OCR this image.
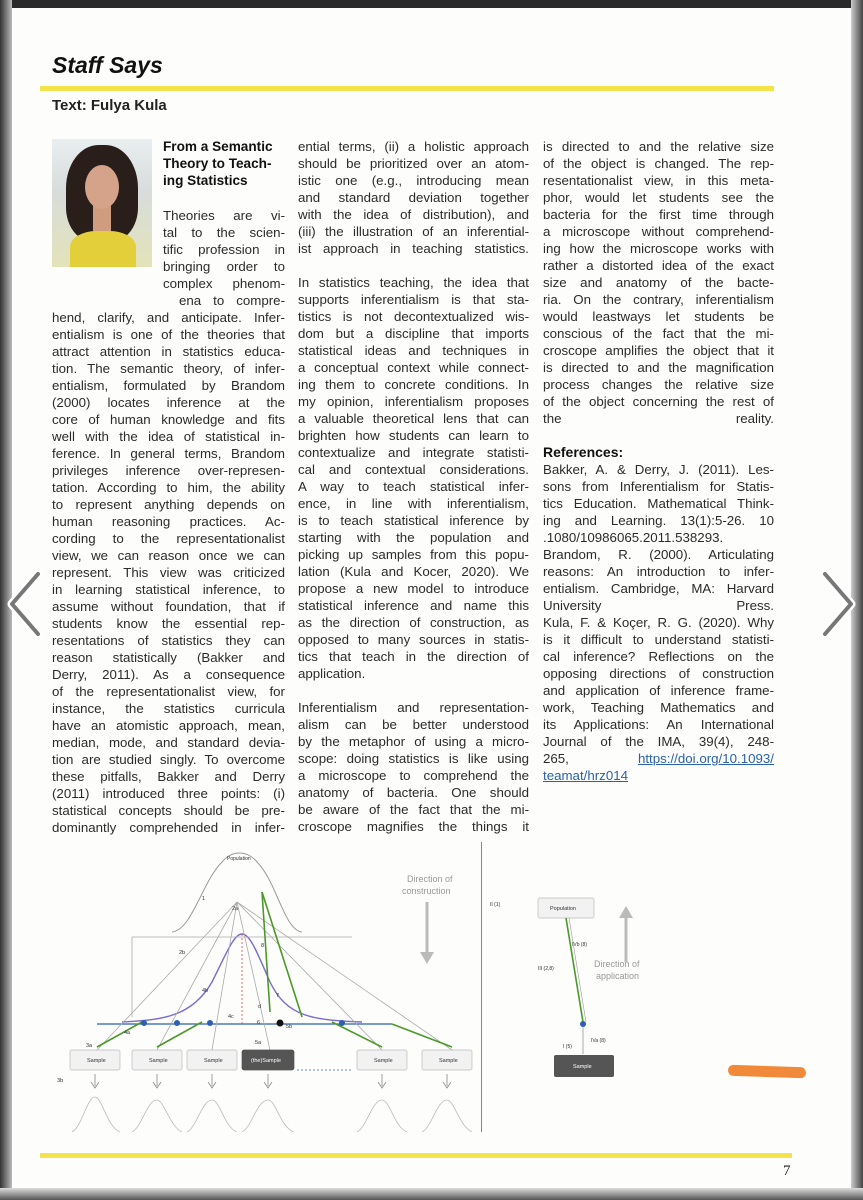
Staff Says
Text: Fulya Kula

From a Semantic

Theory to Teach-

ing Statistics

Theories are vi-

tal to the scien-

tific profession in

bringing order to

complex phenom-

ena to compre-

hend, clarify, and anticipate. Infer-

entialism is one of the theories that

attract attention in statistics educa-

tion. The semantic theory, of infer-

entialism, formulated by Brandom

(2000) locates inference at the

core of human knowledge and fits

well with the idea of statistical in-

ference. In general terms, Brandom

privileges inference over-represen-

tation. According to him, the ability

to represent anything depends on

human reasoning practices. Ac-

cording to the representationalist

view, we can reason once we can

represent. This view was criticized

in learning statistical inference, to

assume without foundation, that if

students know the essential rep-

resentations of statistics they can

reason statistically (Bakker and

Derry, 2011). As a consequence

of the representationalist view, for

instance, the statistics curricula

have an atomistic approach, mean,

median, mode, and standard devia-

tion are studied singly. To overcome

these pitfalls, Bakker and Derry

(2011) introduced three points: (i)

statistical concepts should be pre-

dominantly comprehended in infer-

ential terms, (ii) a holistic approach

should be prioritized over an atom-

istic one (e.g., introducing mean

and standard deviation together

with the idea of distribution), and

(iii) the illustration of an inferential-

ist approach in teaching statistics.

In statistics teaching, the idea that

supports inferentialism is that sta-

tistics is not decontextualized wis-

dom but a discipline that imports

statistical ideas and techniques in

a conceptual context while connect-

ing them to concrete conditions. In

my opinion, inferentialism proposes

a valuable theoretical lens that can

brighten how students can learn to

contextualize and integrate statisti-

cal and contextual considerations.

A way to teach statistical infer-

ence, in line with inferentialism,

is to teach statistical inference by

starting with the population and

picking up samples from this popu-

lation (Kula and Kocer, 2020). We

propose a new model to introduce

statistical inference and name this

as the direction of construction, as

opposed to many sources in statis-

tics that teach in the direction of

application.

Inferentialism and representation-

alism can be better understood

by the metaphor of using a micro-

scope: doing statistics is like using

a microscope to comprehend the

anatomy of bacteria. One should

be aware of the fact that the mi-

croscope magnifies the things it

is directed to and the relative size

of the object is changed. The rep-

resentationalist view, in this meta-

phor, would let students see the

bacteria for the first time through

a microscope without comprehend-

ing how the microscope works with

rather a distorted idea of the exact

size and anatomy of the bacte-

ria. On the contrary, inferentialism

would leastways let students be

conscious of the fact that the mi-

croscope amplifies the object that it

is directed to and the magnification

process changes the relative size

of the object concerning the rest of

the reality.

References:

Bakker, A. & Derry, J. (2011). Les-

sons from Inferentialism for Statis-

tics Education. Mathematical Think-

ing and Learning. 13(1):5-26. 10

.1080/10986065.2011.538293.

Brandom, R. (2000). Articulating

reasons: An introduction to infer-

entialism. Cambridge, MA: Harvard

University Press.

Kula, F. & Koçer, R. G. (2020). Why

is it difficult to understand statisti-

cal inference? Reflections on the

opposing directions of construction

and application of inference frame-

work, Teaching Mathematics and

its Applications: An International

Journal of the IMA, 39(4), 248-

265,	https://doi.org/10.1093/

teamat/hrz014

Population
Direction of
construction
Sample	Sample	Sample	(the)Sample	Sample	Sample
1
2a
2b
3a
3b
4a
4b
4c
5a
5b
6
7
8
d
Population
Sample
II (1)
III (2,8)
IVb (8)
IVa (8)
I (5)
Direction of
application
7
